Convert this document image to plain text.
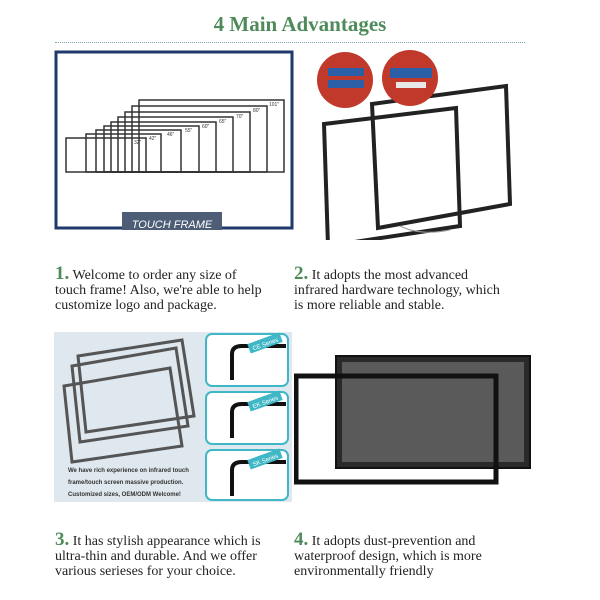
4 Main Advantages
101"
80"
70"
65"
60"
55"
46"
42"
32"
TOUCH FRAME
1. Welcome to order any size of
touch frame! Also, we're able to help
customize logo and package.
2. It adopts the most advanced
infrared hardware technology, which
is more reliable and stable.
CE Series
EK Series
SK Series
We have rich experience on infrared touch
frame/touch screen massive production.
Customized sizes, OEM/ODM Welcome!
3. It has stylish appearance which is
ultra-thin and durable. And we offer
various serieses for your choice.
4. It adopts dust-prevention and
waterproof design, which is more
environmentally friendly
